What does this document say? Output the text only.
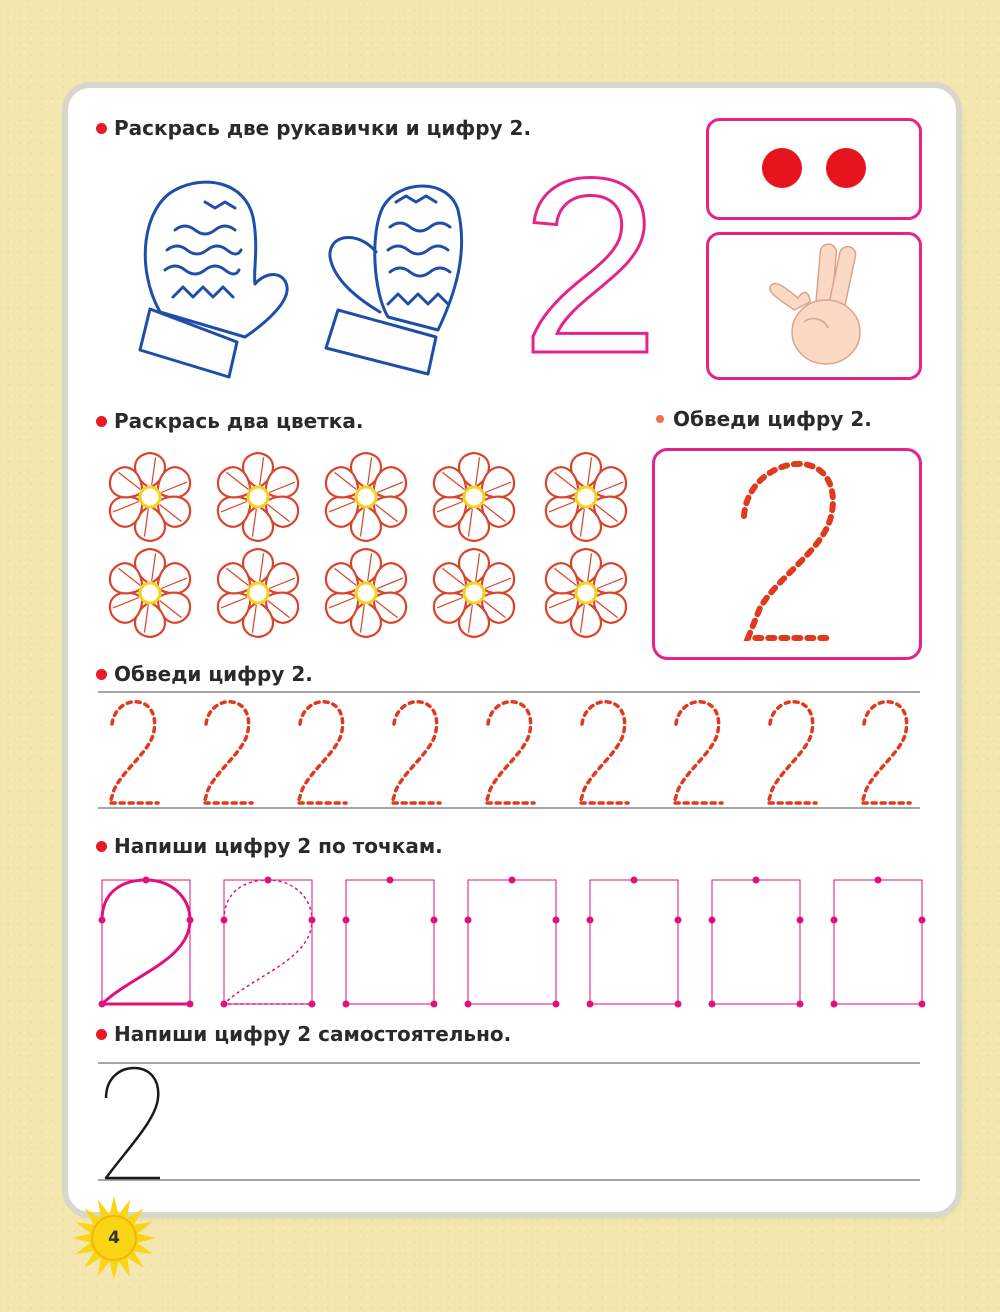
Раскрась две рукавички и цифру 2.
2
Раскрась два цветка.	Обведи цифру 2.
Обведи цифру 2.
Напиши цифру 2 по точкам.
Напиши цифру 2 самостоятельно.
4
